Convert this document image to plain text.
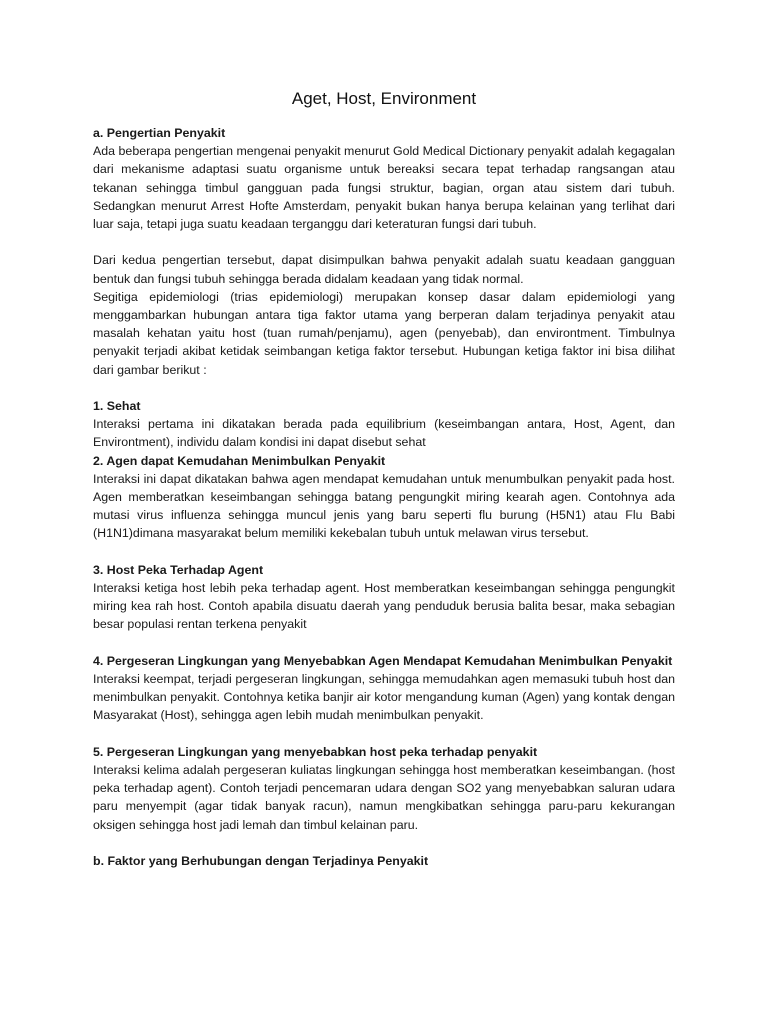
Aget, Host, Environment
a. Pengertian Penyakit

Ada beberapa pengertian mengenai penyakit menurut Gold Medical Dictionary penyakit adalah kegagalan dari mekanisme adaptasi suatu organisme untuk bereaksi secara tepat terhadap rangsangan atau tekanan sehingga timbul gangguan pada fungsi struktur, bagian, organ atau sistem dari tubuh. Sedangkan menurut Arrest Hofte Amsterdam, penyakit bukan hanya berupa kelainan yang terlihat dari luar saja, tetapi juga suatu keadaan terganggu dari keteraturan fungsi dari tubuh.

Dari kedua pengertian tersebut, dapat disimpulkan bahwa penyakit adalah suatu keadaan gangguan bentuk dan fungsi tubuh sehingga berada didalam keadaan yang tidak normal.

Segitiga epidemiologi (trias epidemiologi) merupakan konsep dasar dalam epidemiologi yang menggambarkan hubungan antara tiga faktor utama yang berperan dalam terjadinya penyakit atau masalah kehatan yaitu host (tuan rumah/penjamu), agen (penyebab), dan environtment. Timbulnya penyakit terjadi akibat ketidak seimbangan ketiga faktor tersebut. Hubungan ketiga faktor ini bisa dilihat dari gambar berikut :

1. Sehat

Interaksi pertama ini dikatakan berada pada equilibrium (keseimbangan antara, Host, Agent, dan Environtment), individu dalam kondisi ini dapat disebut sehat

2. Agen dapat Kemudahan Menimbulkan Penyakit

Interaksi ini dapat dikatakan bahwa agen mendapat kemudahan untuk menumbulkan penyakit pada host. Agen memberatkan keseimbangan sehingga batang pengungkit miring kearah agen. Contohnya ada mutasi virus influenza sehingga muncul jenis yang baru seperti flu burung (H5N1) atau Flu Babi (H1N1)dimana masyarakat belum memiliki kekebalan tubuh untuk melawan virus tersebut.

3. Host Peka Terhadap Agent

Interaksi ketiga host lebih peka terhadap agent. Host memberatkan keseimbangan sehingga pengungkit miring kea rah host. Contoh apabila disuatu daerah yang penduduk berusia balita besar, maka sebagian besar populasi rentan terkena penyakit

4. Pergeseran Lingkungan yang Menyebabkan Agen Mendapat Kemudahan Menimbulkan Penyakit

Interaksi keempat, terjadi pergeseran lingkungan, sehingga memudahkan agen memasuki tubuh host dan menimbulkan penyakit. Contohnya ketika banjir air kotor mengandung kuman (Agen) yang kontak dengan Masyarakat (Host), sehingga agen lebih mudah menimbulkan penyakit.

5. Pergeseran Lingkungan yang menyebabkan host peka terhadap penyakit

Interaksi kelima adalah pergeseran kuliatas lingkungan sehingga host memberatkan keseimbangan. (host peka terhadap agent). Contoh terjadi pencemaran udara dengan SO2 yang menyebabkan saluran udara paru menyempit (agar tidak banyak racun), namun mengkibatkan sehingga paru-paru kekurangan oksigen sehingga host jadi lemah dan timbul kelainan paru.

b. Faktor yang Berhubungan dengan Terjadinya Penyakit
